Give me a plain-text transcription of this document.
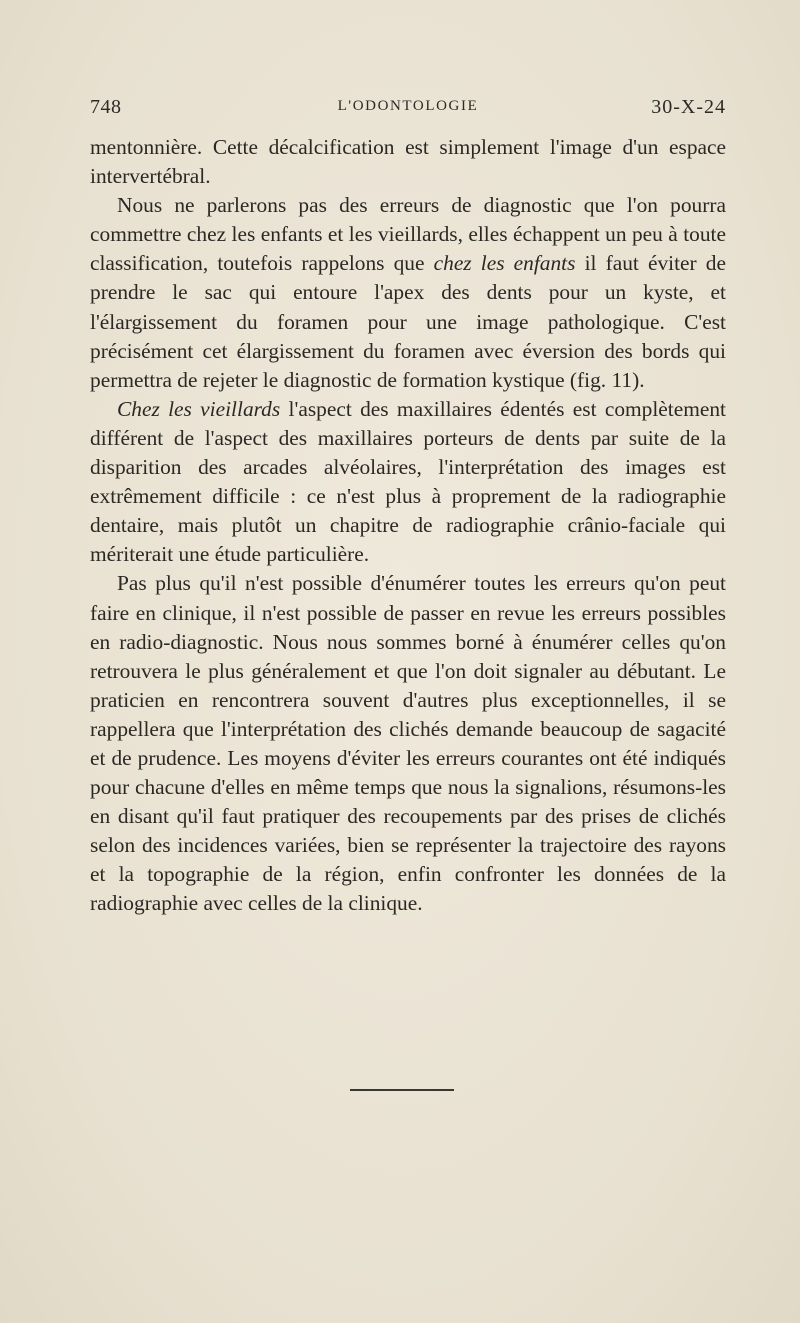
748	L'ODONTOLOGIE	30-X-24

mentonnière. Cette décalcification est simplement l'image d'un espace intervertébral.

Nous ne parlerons pas des erreurs de diagnostic que l'on pourra commettre chez les enfants et les vieillards, elles échappent un peu à toute classification, toutefois rappelons que chez les enfants il faut éviter de prendre le sac qui entoure l'apex des dents pour un kyste, et l'élargissement du foramen pour une image pathologique. C'est précisément cet élargissement du foramen avec éversion des bords qui permettra de rejeter le diagnostic de formation kystique (fig. 11).

Chez les vieillards l'aspect des maxillaires édentés est complètement différent de l'aspect des maxillaires porteurs de dents par suite de la disparition des arcades alvéolaires, l'interprétation des images est extrêmement difficile : ce n'est plus à proprement de la radiographie dentaire, mais plutôt un chapitre de radiographie crânio-faciale qui mériterait une étude particulière.

Pas plus qu'il n'est possible d'énumérer toutes les erreurs qu'on peut faire en clinique, il n'est possible de passer en revue les erreurs possibles en radio-diagnostic. Nous nous sommes borné à énumérer celles qu'on retrouvera le plus généralement et que l'on doit signaler au débutant. Le praticien en rencontrera souvent d'autres plus exceptionnelles, il se rappellera que l'interprétation des clichés demande beaucoup de sagacité et de prudence. Les moyens d'éviter les erreurs courantes ont été indiqués pour chacune d'elles en même temps que nous la signalions, résumons-les en disant qu'il faut pratiquer des recoupements par des prises de clichés selon des incidences variées, bien se représenter la trajectoire des rayons et la topographie de la région, enfin confronter les données de la radiographie avec celles de la clinique.
